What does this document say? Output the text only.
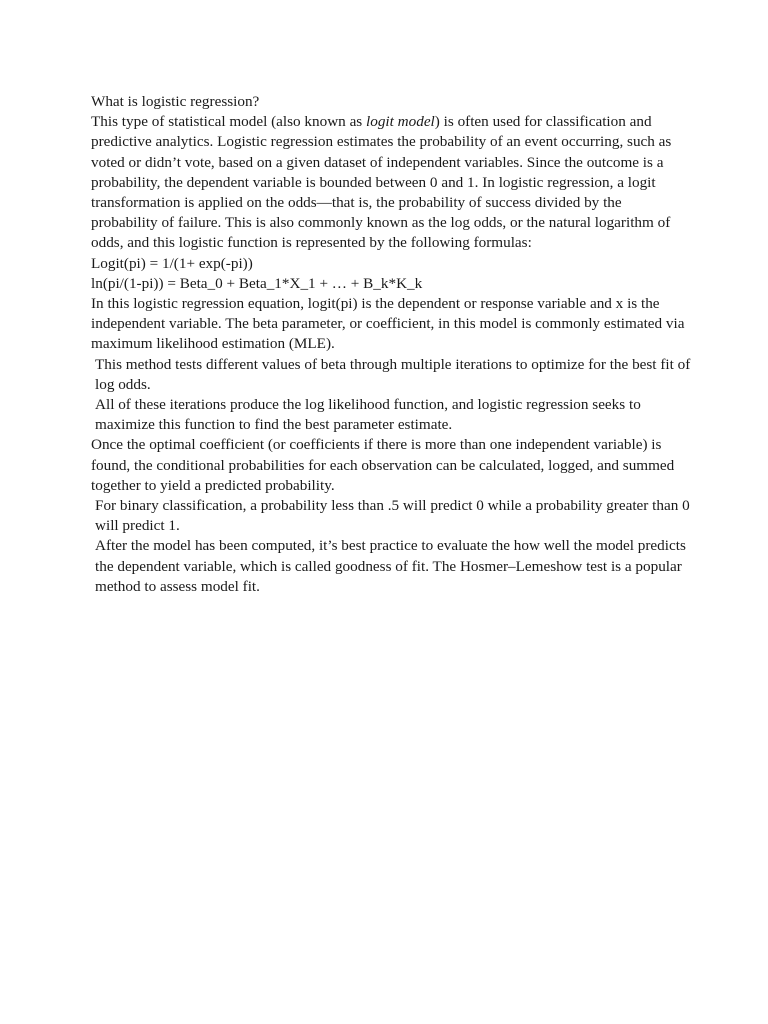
What is logistic regression?

This type of statistical model (also known as logit model) is often used for classification and predictive analytics. Logistic regression estimates the probability of an event occurring, such as voted or didn’t vote, based on a given dataset of independent variables. Since the outcome is a probability, the dependent variable is bounded between 0 and 1. In logistic regression, a logit transformation is applied on the odds—that is, the probability of success divided by the probability of failure. This is also commonly known as the log odds, or the natural logarithm of odds, and this logistic function is represented by the following formulas:

Logit(pi) = 1/(1+ exp(-pi))

ln(pi/(1-pi)) = Beta_0 + Beta_1*X_1 + … + B_k*K_k

In this logistic regression equation, logit(pi) is the dependent or response variable and x is the independent variable. The beta parameter, or coefficient, in this model is commonly estimated via maximum likelihood estimation (MLE).

This method tests different values of beta through multiple iterations to optimize for the best fit of log odds.

All of these iterations produce the log likelihood function, and logistic regression seeks to maximize this function to find the best parameter estimate.

Once the optimal coefficient (or coefficients if there is more than one independent variable) is found, the conditional probabilities for each observation can be calculated, logged, and summed together to yield a predicted probability.

For binary classification, a probability less than .5 will predict 0 while a probability greater than 0 will predict 1.

After the model has been computed, it’s best practice to evaluate the how well the model predicts the dependent variable, which is called goodness of fit. The Hosmer–Lemeshow test is a popular method to assess model fit.
